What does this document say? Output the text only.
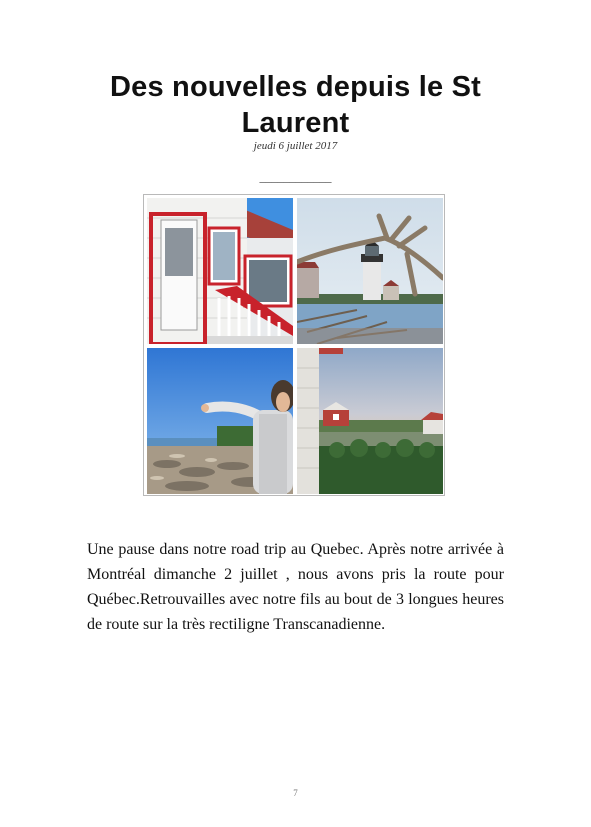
Des nouvelles depuis le St Laurent
jeudi 6 juillet 2017
____________

Une pause dans notre road trip au Quebec. Après notre arrivée à Montréal dimanche 2 juillet , nous avons pris la route pour Québec.Retrouvailles avec notre fils au bout de 3 longues heures de route sur la très rectiligne Transcanadienne.

7
